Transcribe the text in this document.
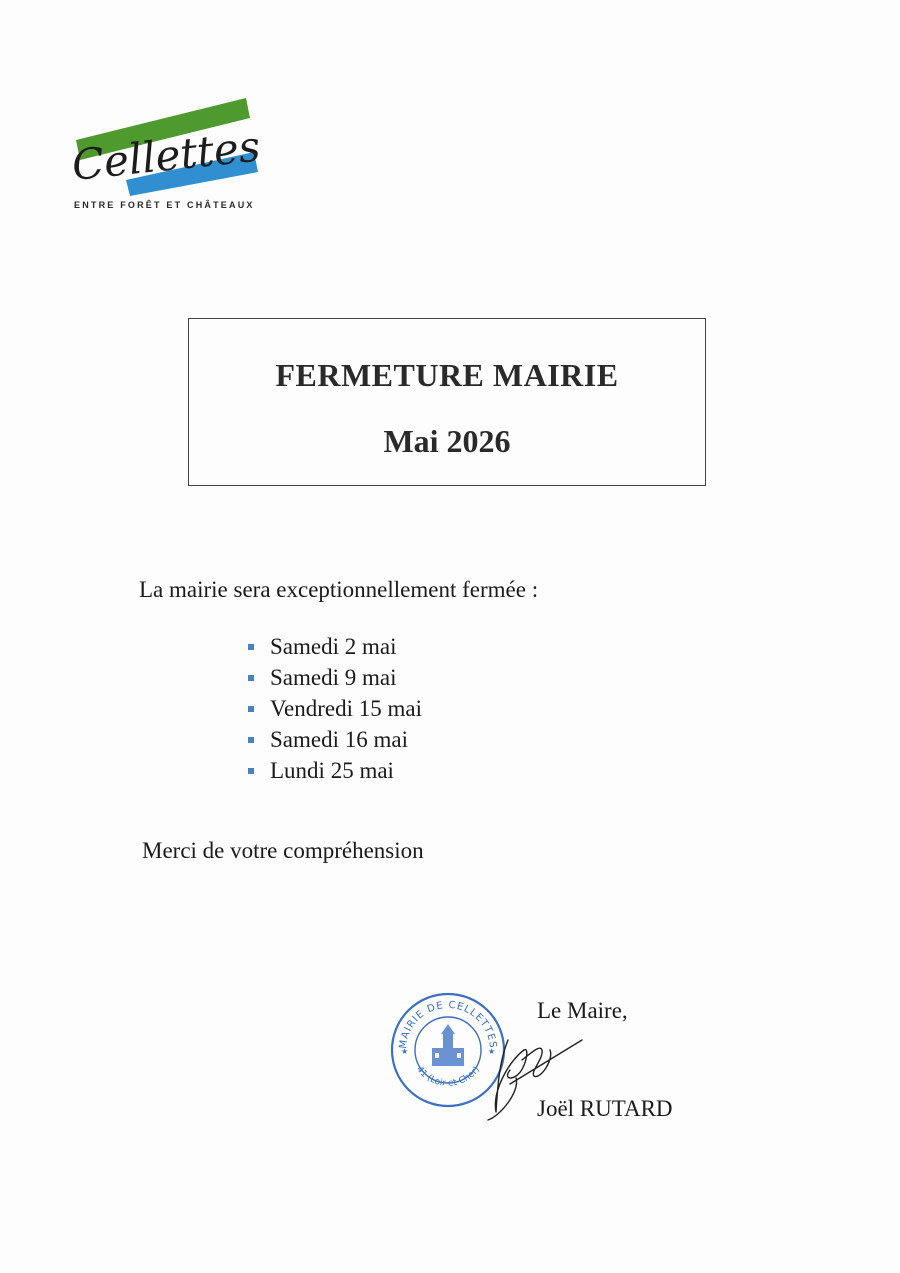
Cellettes
ENTRE FORÊT ET CHÂTEAUX
FERMETURE MAIRIE
Mai 2026
La mairie sera exceptionnellement fermée :
Samedi 2 mai
Samedi 9 mai
Vendredi 15 mai
Samedi 16 mai
Lundi 25 mai
Merci de votre compréhension
MAIRIE DE CELLETTES
41 (Loir et Cher)
★	★
Le Maire,
Joël RUTARD
